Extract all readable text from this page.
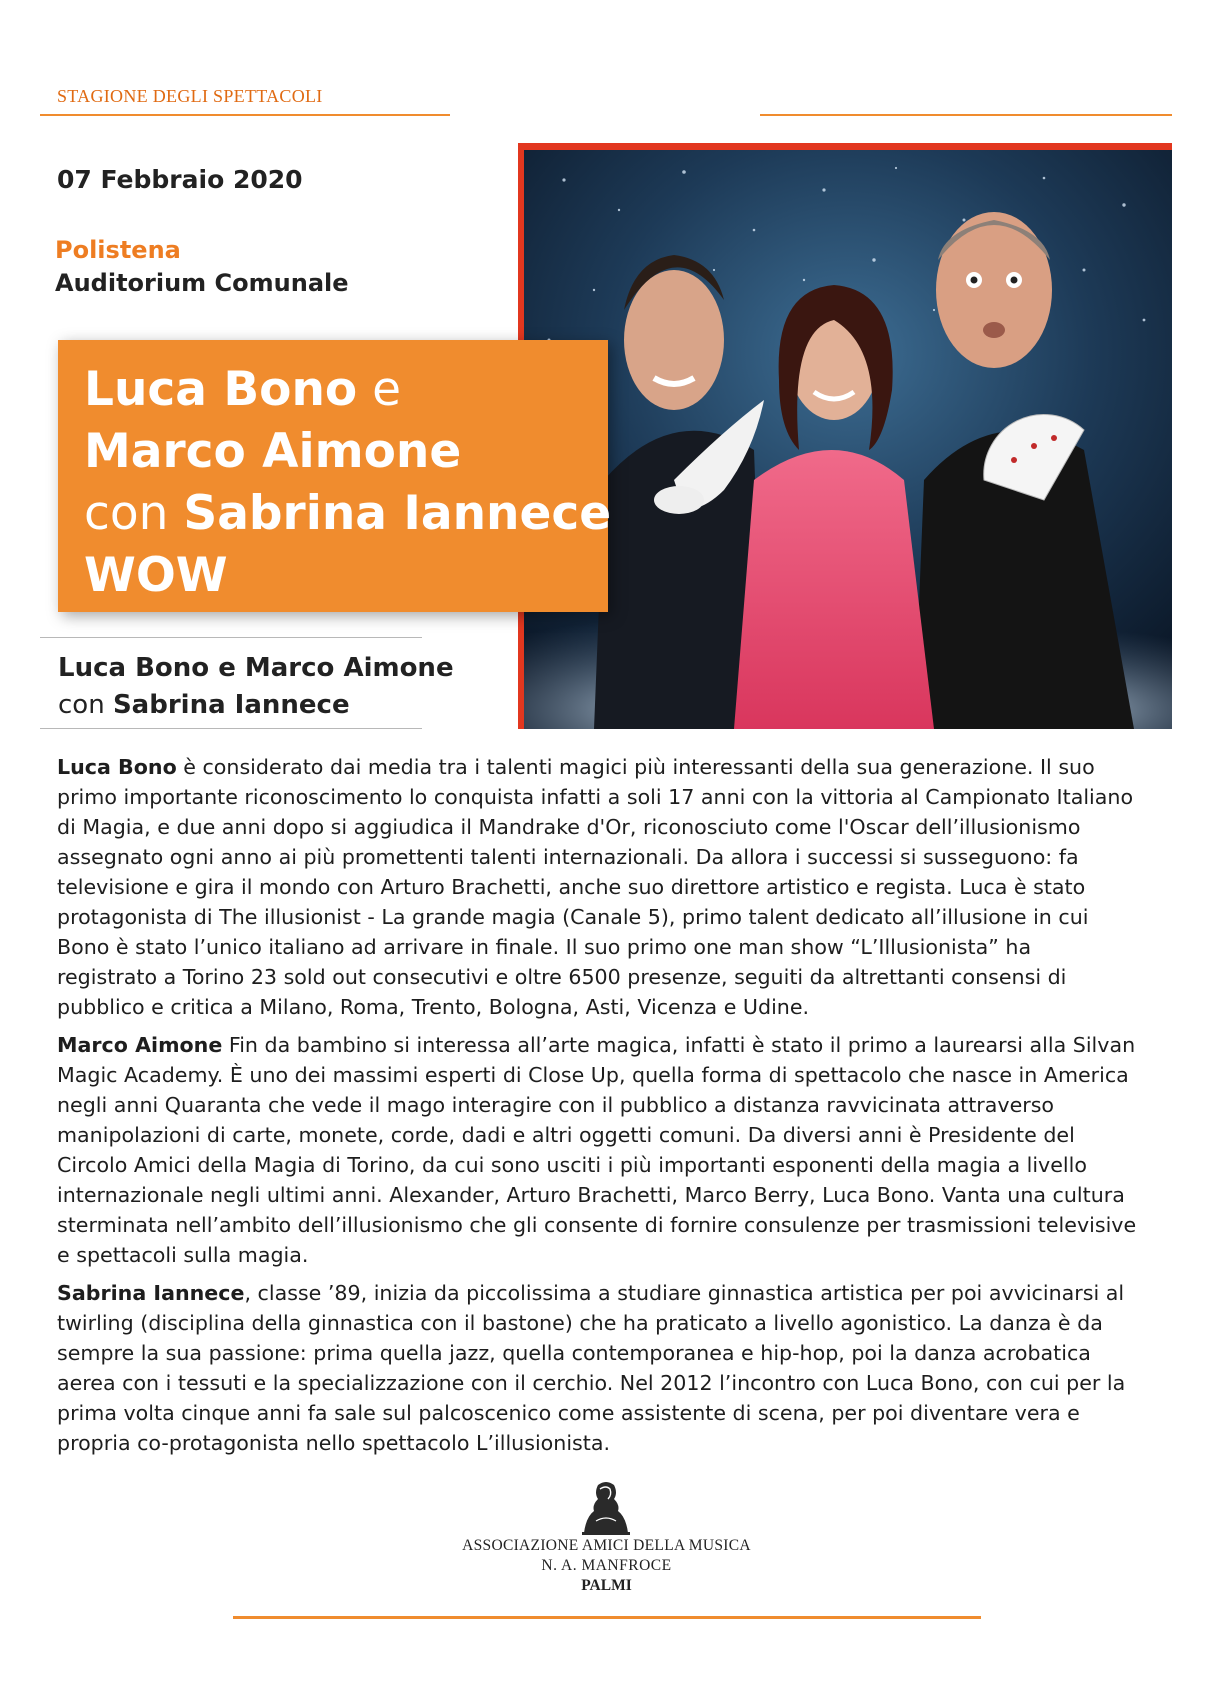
STAGIONE DEGLI SPETTACOLI
07 Febbraio 2020
Polistena
Auditorium Comunale
Luca Bono e
Marco Aimone
con Sabrina Iannece
WOW
Luca Bono e Marco Aimone
con Sabrina Iannece

Luca Bono è considerato dai media tra i talenti magici più interessanti della sua generazione. Il suo primo importante riconoscimento lo conquista infatti a soli 17 anni con la vittoria al Campionato Italiano di Magia, e due anni dopo si aggiudica il Mandrake d'Or, riconosciuto come l'Oscar dell’illusionismo assegnato ogni anno ai più promettenti talenti internazionali. Da allora i successi si susseguono: fa televisione e gira il mondo con Arturo Brachetti, anche suo direttore artistico e regista. Luca è stato protagonista di The illusionist - La grande magia (Canale 5), primo talent dedicato all’illusione in cui Bono è stato l’unico italiano ad arrivare in finale. Il suo primo one man show “L’Illusionista” ha registrato a Torino 23 sold out consecutivi e oltre 6500 presenze, seguiti da altrettanti consensi di pubblico e critica a Milano, Roma, Trento, Bologna, Asti, Vicenza e Udine.

Marco Aimone Fin da bambino si interessa all’arte magica, infatti è stato il primo a laurearsi alla Silvan Magic Academy. È uno dei massimi esperti di Close Up, quella forma di spettacolo che nasce in America negli anni Quaranta che vede il mago interagire con il pubblico a distanza ravvicinata attraverso manipolazioni di carte, monete, corde, dadi e altri oggetti comuni. Da diversi anni è Presidente del Circolo Amici della Magia di Torino, da cui sono usciti i più importanti esponenti della magia a livello internazionale negli ultimi anni. Alexander, Arturo Brachetti, Marco Berry, Luca Bono. Vanta una cultura sterminata nell’ambito dell’illusionismo che gli consente di fornire consulenze per trasmissioni televisive e spettacoli sulla magia.

Sabrina Iannece, classe ’89, inizia da piccolissima a studiare ginnastica artistica per poi avvicinarsi al twirling (disciplina della ginnastica con il bastone) che ha praticato a livello agonistico. La danza è da sempre la sua passione: prima quella jazz, quella contemporanea e hip-hop, poi la danza acrobatica aerea con i tessuti e la specializzazione con il cerchio. Nel 2012 l’incontro con Luca Bono, con cui per la prima volta cinque anni fa sale sul palcoscenico come assistente di scena, per poi diventare vera e propria co-protagonista nello spettacolo L’illusionista.

ASSOCIAZIONE AMICI DELLA MUSICA
N. A. MANFROCE
PALMI
